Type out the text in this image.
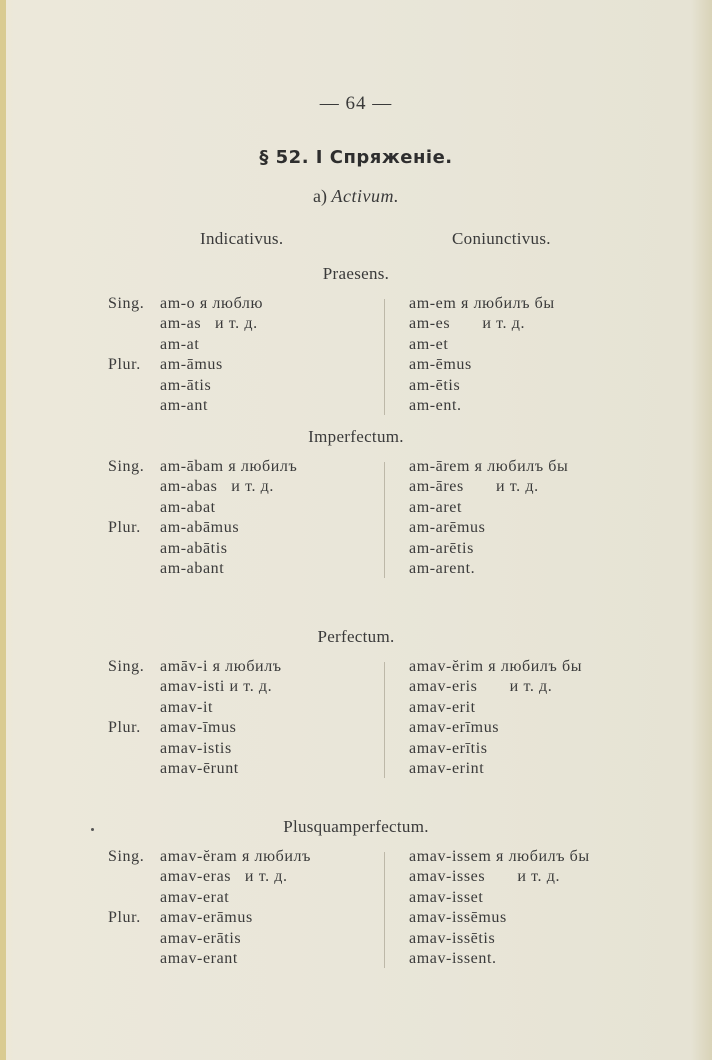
— 64 —
§ 52. I Спряженіе.
a) Activum.
Indicativus.	Coniunctivus.
Praesens.
Sing. am-o я люблю	am-em я любилъ бы
am-as   и т. д.	am-es       и т. д.
am-at	am-et
Plur. am-āmus	am-ēmus
am-ātis	am-ētis
am-ant	am-ent.
Imperfectum.
Sing. am-ābam я любилъ	am-ārem я любилъ бы
am-abas   и т. д.	am-āres       и т. д.
am-abat	am-aret
Plur. am-abāmus	am-arēmus
am-abātis	am-arētis
am-abant	am-arent.
Perfectum.
Sing. amāv-i я любилъ	amav-ĕrim я любилъ бы
amav-isti и т. д.	amav-eris       и т. д.
amav-it	amav-erit
Plur. amav-īmus	amav-erīmus
amav-istis	amav-erītis
amav-ērunt	amav-erint
Plusquamperfectum.
Sing. amav-ĕram я любилъ	amav-issem я любилъ бы
amav-eras   и т. д.	amav-isses       и т. д.
amav-erat	amav-isset
Plur. amav-erāmus	amav-issēmus
amav-erātis	amav-issētis
amav-erant	amav-issent.
